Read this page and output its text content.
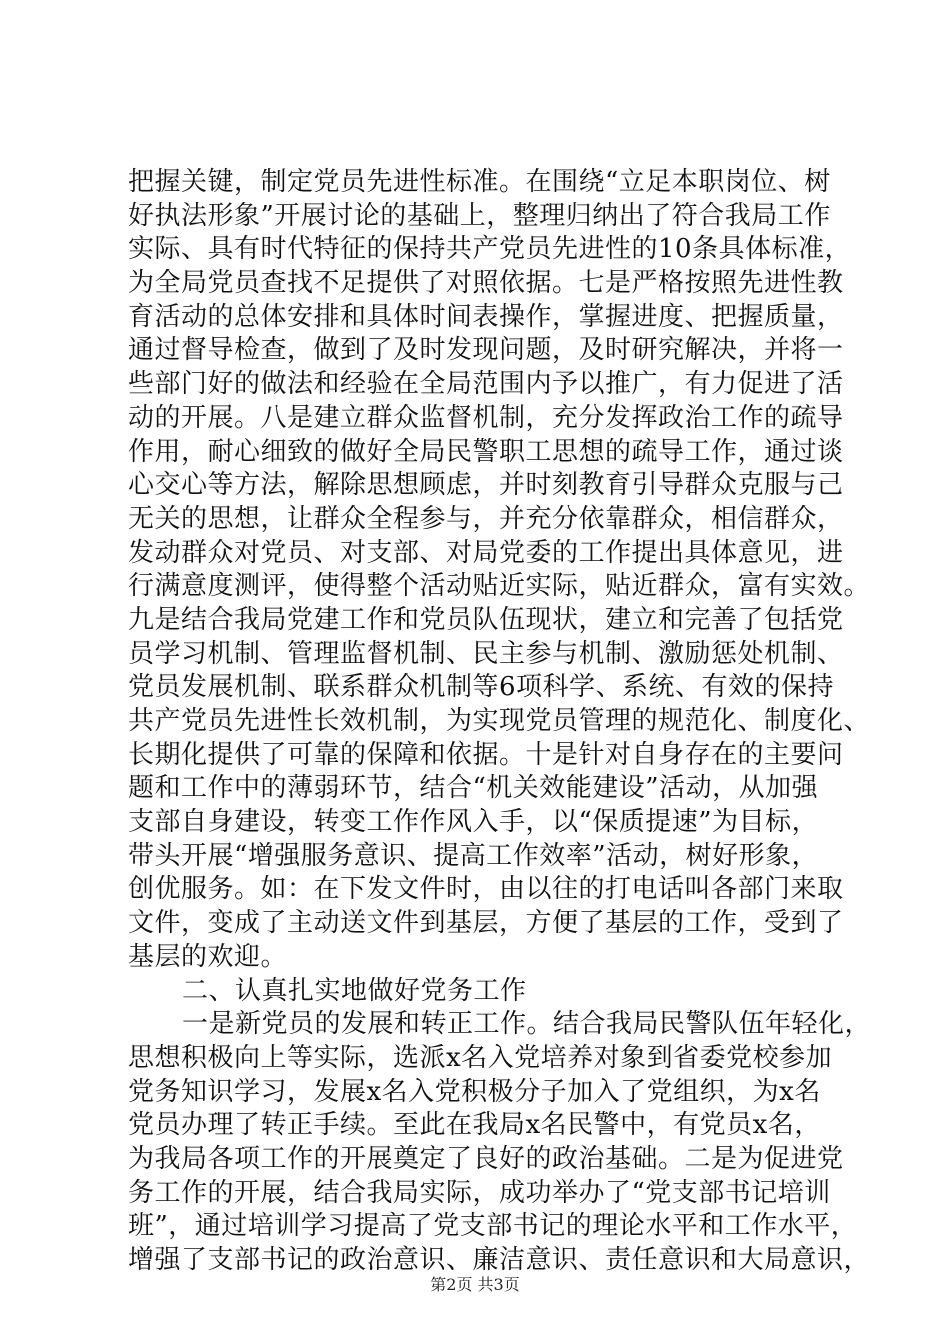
把握关键，制定党员先进性标准。在围绕“立足本职岗位、树
好执法形象”开展讨论的基础上，整理归纳出了符合我局工作
实际、具有时代特征的保持共产党员先进性的10条具体标准，
为全局党员查找不足提供了对照依据。七是严格按照先进性教
育活动的总体安排和具体时间表操作，掌握进度、把握质量，
通过督导检查，做到了及时发现问题，及时研究解决，并将一
些部门好的做法和经验在全局范围内予以推广，有力促进了活
动的开展。八是建立群众监督机制，充分发挥政治工作的疏导
作用，耐心细致的做好全局民警职工思想的疏导工作，通过谈
心交心等方法，解除思想顾虑，并时刻教育引导群众克服与己
无关的思想，让群众全程参与，并充分依靠群众，相信群众，
发动群众对党员、对支部、对局党委的工作提出具体意见，进
行满意度测评，使得整个活动贴近实际，贴近群众，富有实效。
九是结合我局党建工作和党员队伍现状，建立和完善了包括党
员学习机制、管理监督机制、民主参与机制、激励惩处机制、
党员发展机制、联系群众机制等6项科学、系统、有效的保持
共产党员先进性长效机制，为实现党员管理的规范化、制度化、
长期化提供了可靠的保障和依据。十是针对自身存在的主要问
题和工作中的薄弱环节，结合“机关效能建设”活动，从加强
支部自身建设，转变工作作风入手，以“保质提速”为目标，
带头开展“增强服务意识、提高工作效率”活动，树好形象，
创优服务。如：在下发文件时，由以往的打电话叫各部门来取
文件，变成了主动送文件到基层，方便了基层的工作，受到了
基层的欢迎。
二、认真扎实地做好党务工作
一是新党员的发展和转正工作。结合我局民警队伍年轻化，
思想积极向上等实际，选派x名入党培养对象到省委党校参加
党务知识学习，发展x名入党积极分子加入了党组织，为x名
党员办理了转正手续。至此在我局x名民警中，有党员x名，
为我局各项工作的开展奠定了良好的政治基础。二是为促进党
务工作的开展，结合我局实际，成功举办了“党支部书记培训
班”，通过培训学习提高了党支部书记的理论水平和工作水平，
增强了支部书记的政治意识、廉洁意识、责任意识和大局意识，
第2页 共3页
